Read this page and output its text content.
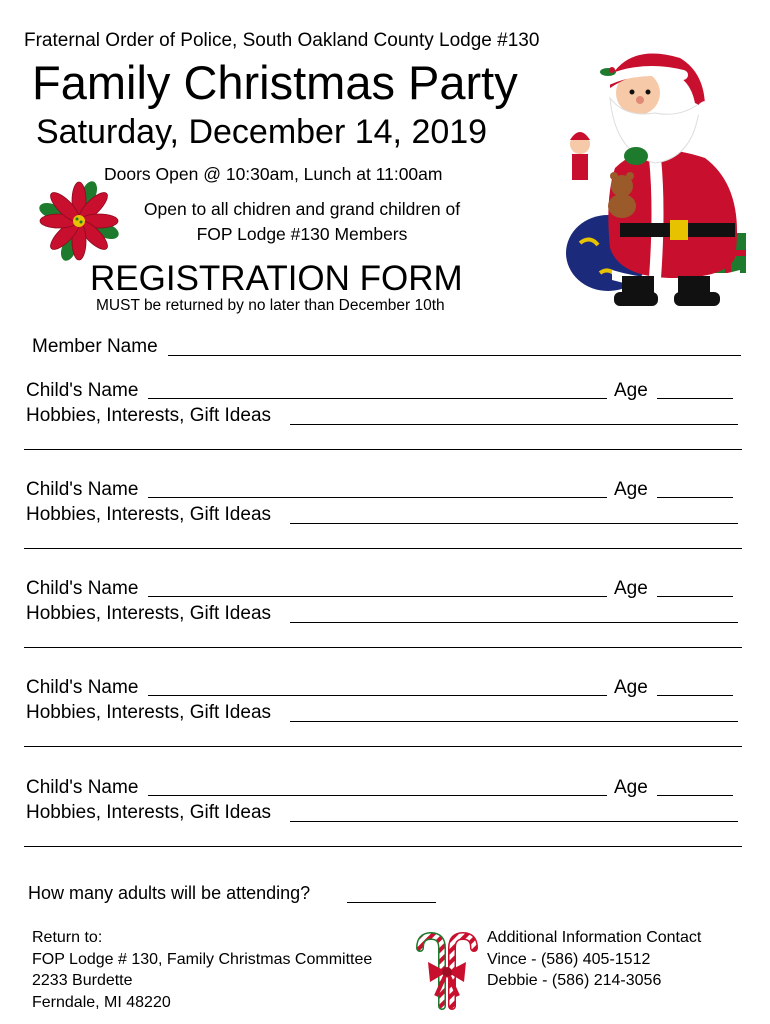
Fraternal Order of Police, South Oakland County Lodge #130
Family Christmas Party
Saturday, December 14, 2019
Doors Open @ 10:30am, Lunch at 11:00am
Open to all chidren and grand children of
FOP Lodge #130 Members
REGISTRATION FORM
MUST be returned by no later than December 10th
Member Name
Child's Name	Age
Hobbies, Interests, Gift Ideas
Child's Name	Age
Hobbies, Interests, Gift Ideas
Child's Name	Age
Hobbies, Interests, Gift Ideas
Child's Name	Age
Hobbies, Interests, Gift Ideas
Child's Name	Age
Hobbies, Interests, Gift Ideas
How many adults will be attending?
Return to:
FOP Lodge # 130, Family Christmas Committee
2233 Burdette
Ferndale, MI 48220
Additional Information Contact
Vince - (586) 405-1512
Debbie - (586) 214-3056
